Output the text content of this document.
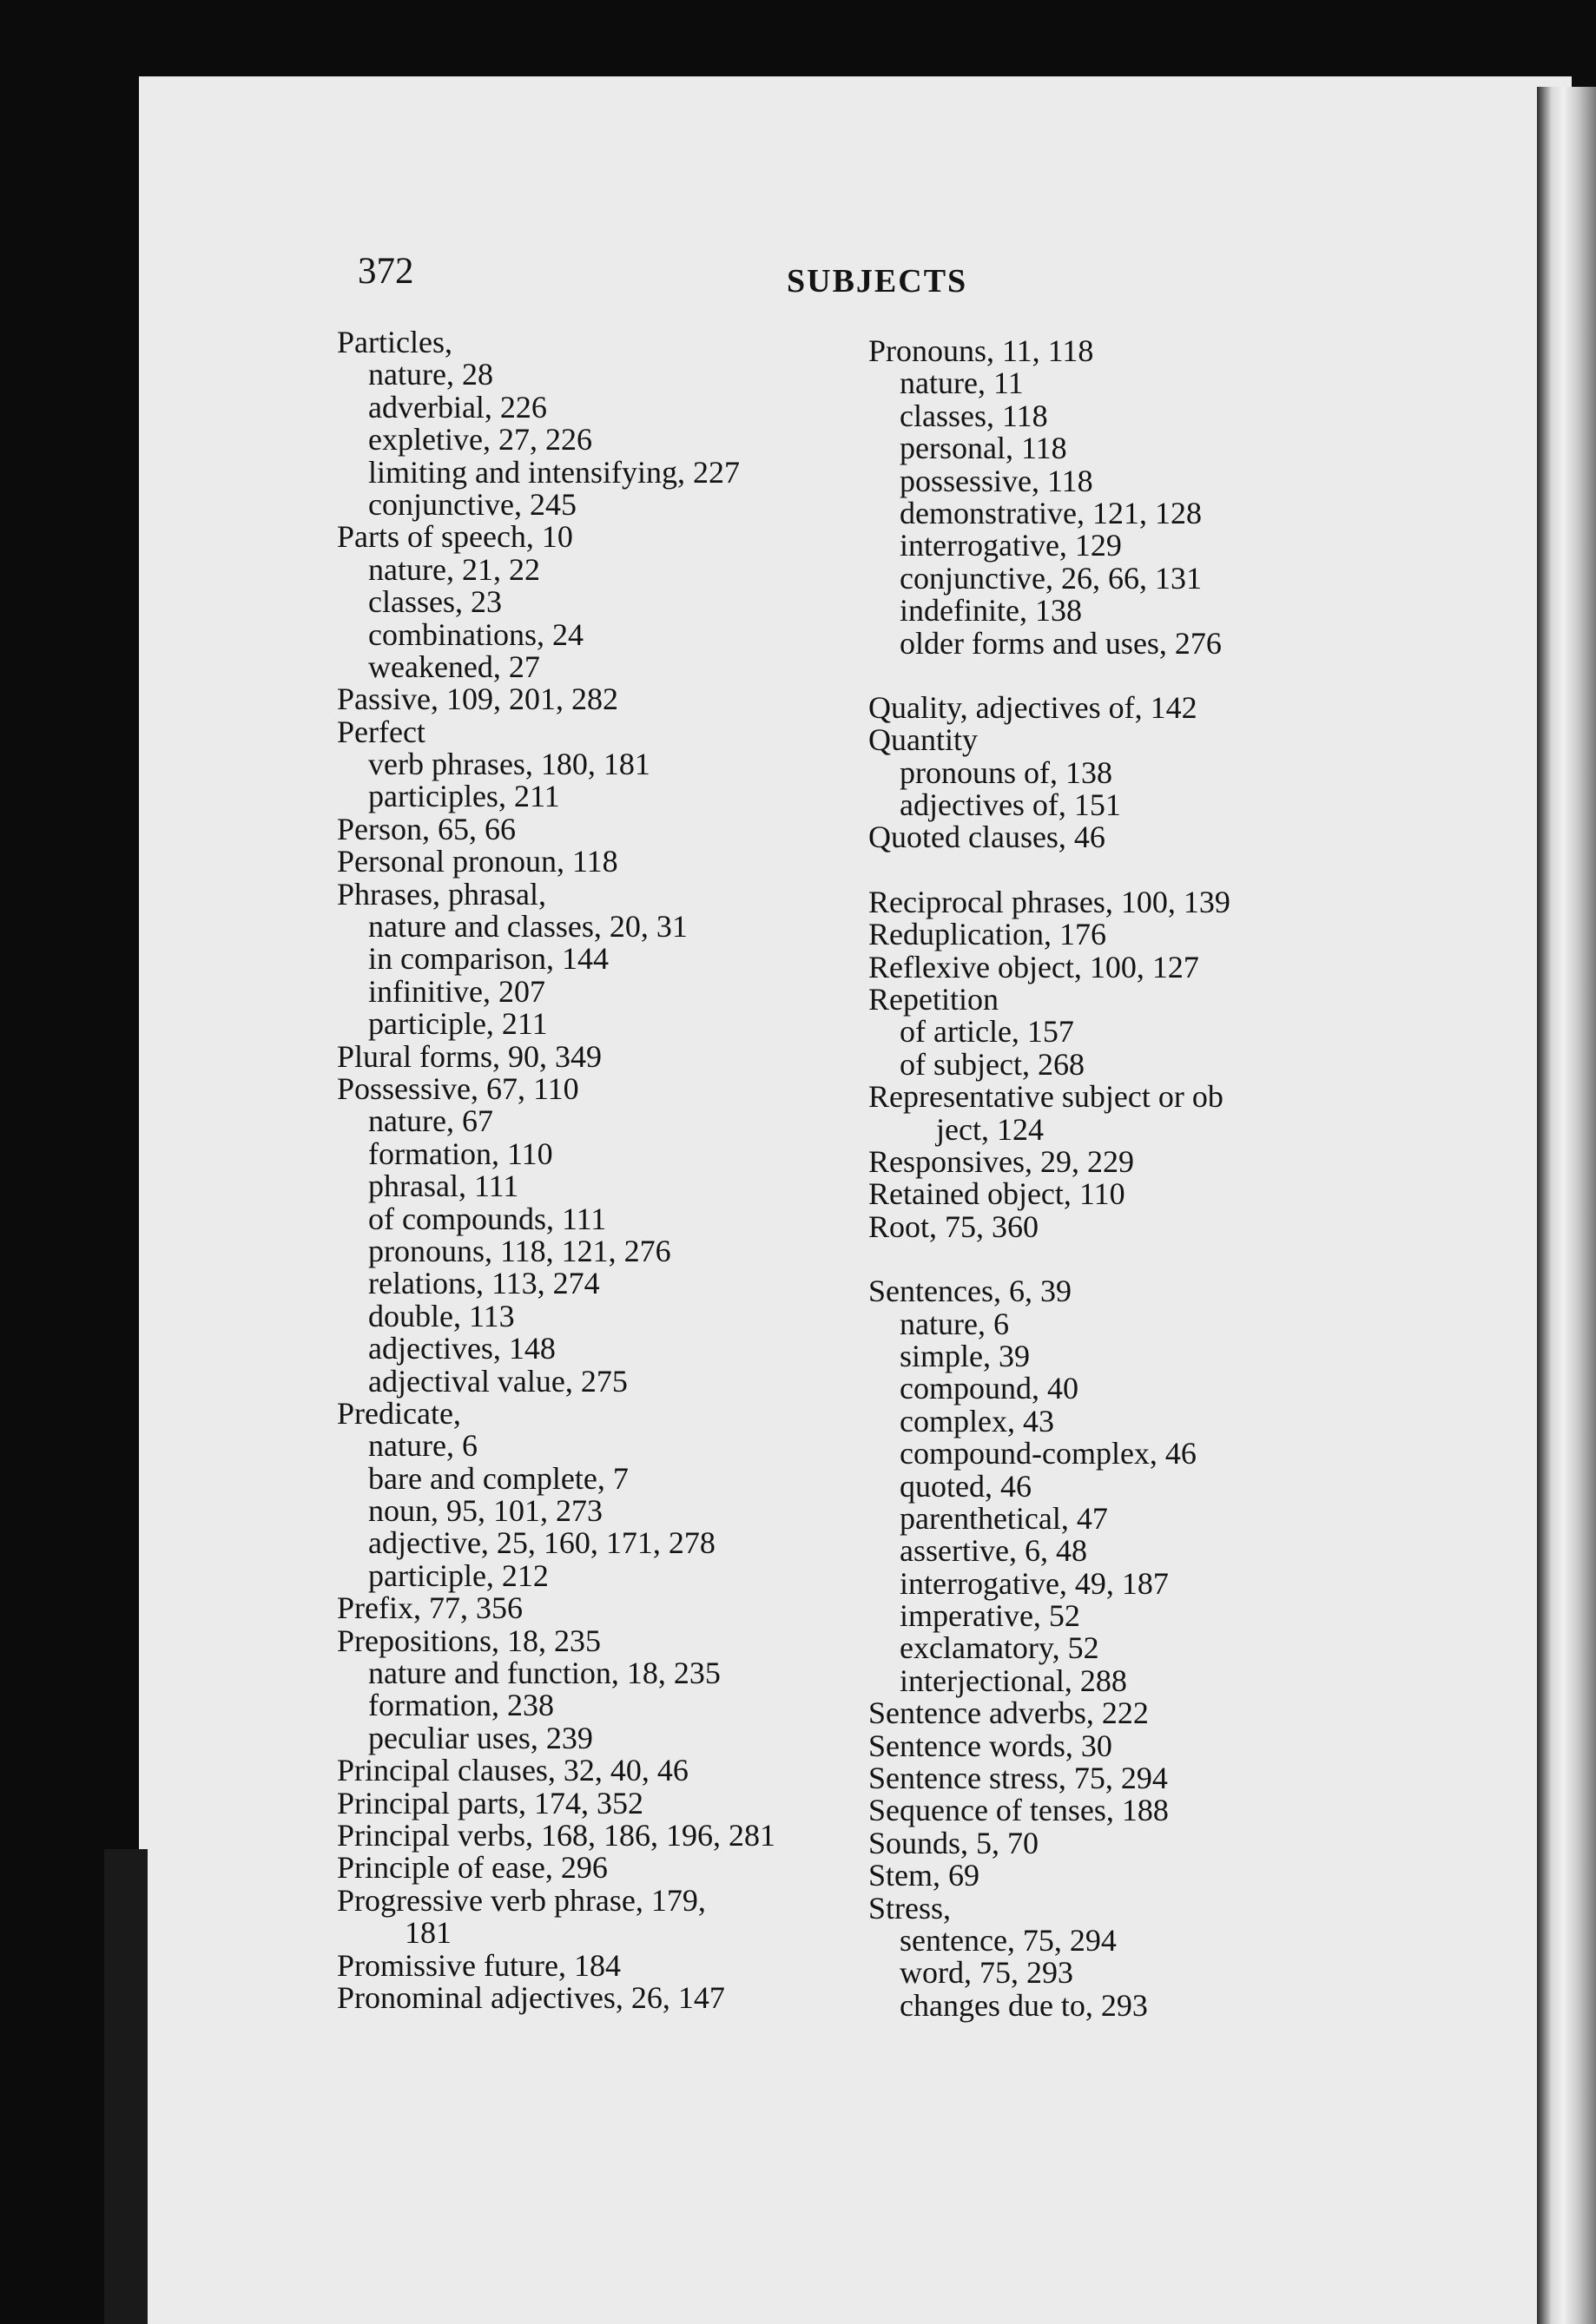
372	SUBJECTS
Particles,
nature, 28
adverbial, 226
expletive, 27, 226
limiting and intensifying, 227
conjunctive, 245
Parts of speech, 10
nature, 21, 22
classes, 23
combinations, 24
weakened, 27
Passive, 109, 201, 282
Perfect
verb phrases, 180, 181
participles, 211
Person, 65, 66
Personal pronoun, 118
Phrases, phrasal,
nature and classes, 20, 31
in comparison, 144
infinitive, 207
participle, 211
Plural forms, 90, 349
Possessive, 67, 110
nature, 67
formation, 110
phrasal, 111
of compounds, 111
pronouns, 118, 121, 276
relations, 113, 274
double, 113
adjectives, 148
adjectival value, 275
Predicate,
nature, 6
bare and complete, 7
noun, 95, 101, 273
adjective, 25, 160, 171, 278
participle, 212
Prefix, 77, 356
Prepositions, 18, 235
nature and function, 18, 235
formation, 238
peculiar uses, 239
Principal clauses, 32, 40, 46
Principal parts, 174, 352
Principal verbs, 168, 186, 196, 281
Principle of ease, 296
Progressive verb phrase, 179,
181
Promissive future, 184
Pronominal adjectives, 26, 147
Pronouns, 11, 118
nature, 11
classes, 118
personal, 118
possessive, 118
demonstrative, 121, 128
interrogative, 129
conjunctive, 26, 66, 131
indefinite, 138
older forms and uses, 276
Quality, adjectives of, 142
Quantity
pronouns of, 138
adjectives of, 151
Quoted clauses, 46
Reciprocal phrases, 100, 139
Reduplication, 176
Reflexive object, 100, 127
Repetition
of article, 157
of subject, 268
Representative subject or ob
ject, 124
Responsives, 29, 229
Retained object, 110
Root, 75, 360
Sentences, 6, 39
nature, 6
simple, 39
compound, 40
complex, 43
compound-complex, 46
quoted, 46
parenthetical, 47
assertive, 6, 48
interrogative, 49, 187
imperative, 52
exclamatory, 52
interjectional, 288
Sentence adverbs, 222
Sentence words, 30
Sentence stress, 75, 294
Sequence of tenses, 188
Sounds, 5, 70
Stem, 69
Stress,
sentence, 75, 294
word, 75, 293
changes due to, 293
